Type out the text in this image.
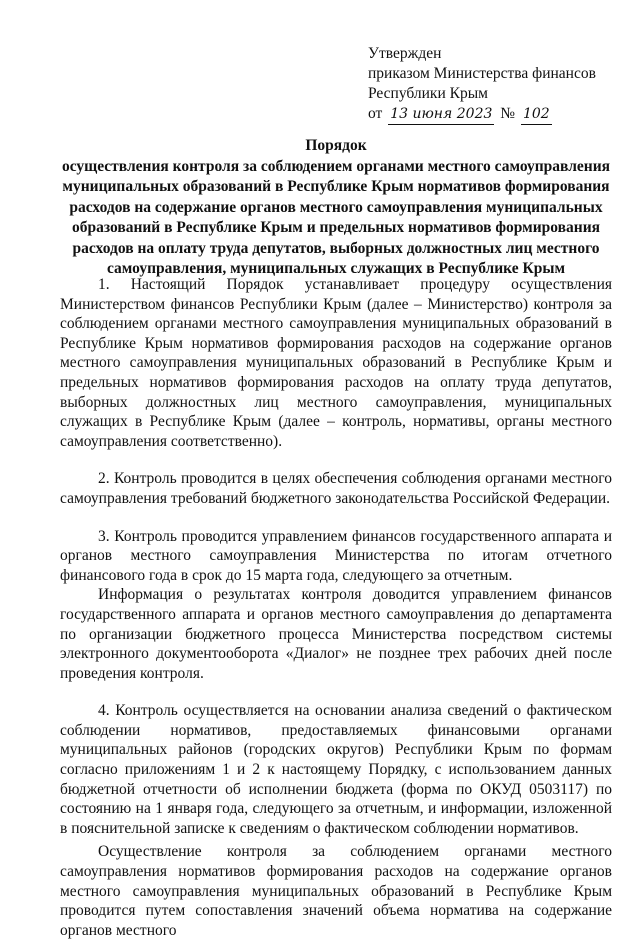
Утвержден
приказом Министерства финансов
Республики Крым
от 13 июня 2023 № 102
Порядок
осуществления контроля за соблюдением органами местного самоуправления муниципальных образований в Республике Крым нормативов формирования расходов на содержание органов местного самоуправления муниципальных образований в Республике Крым и предельных нормативов формирования расходов на оплату труда депутатов, выборных должностных лиц местного самоуправления, муниципальных служащих в Республике Крым

1. Настоящий Порядок устанавливает процедуру осуществления Министерством финансов Республики Крым (далее – Министерство) контроля за соблюдением органами местного самоуправления муниципальных образований в Республике Крым нормативов формирования расходов на содержание органов местного самоуправления муниципальных образований в Республике Крым и предельных нормативов формирования расходов на оплату труда депутатов, выборных должностных лиц местного самоуправления, муниципальных служащих в Республике Крым (далее – контроль, нормативы, органы местного самоуправления соответственно).

2. Контроль проводится в целях обеспечения соблюдения органами местного самоуправления требований бюджетного законодательства Российской Федерации.

3. Контроль проводится управлением финансов государственного аппарата и органов местного самоуправления Министерства по итогам отчетного финансового года в срок до 15 марта года, следующего за отчетным.

Информация о результатах контроля доводится управлением финансов государственного аппарата и органов местного самоуправления до департамента по организации бюджетного процесса Министерства посредством системы электронного документооборота «Диалог» не позднее трех рабочих дней после проведения контроля.

4. Контроль осуществляется на основании анализа сведений о фактическом соблюдении нормативов, предоставляемых финансовыми органами муниципальных районов (городских округов) Республики Крым по формам согласно приложениям 1 и 2 к настоящему Порядку, с использованием данных бюджетной отчетности об исполнении бюджета (форма по ОКУД 0503117) по состоянию на 1 января года, следующего за отчетным, и информации, изложенной в пояснительной записке к сведениям о фактическом соблюдении нормативов.

Осуществление контроля за соблюдением органами местного самоуправления нормативов формирования расходов на содержание органов местного самоуправления муниципальных образований в Республике Крым проводится путем сопоставления значений объема норматива на содержание органов местного
